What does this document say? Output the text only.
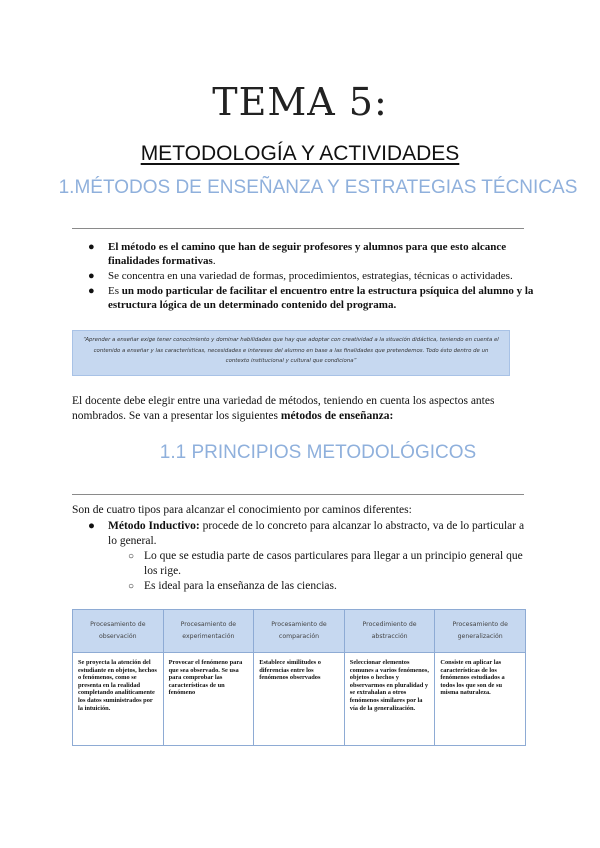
TEMA 5:
METODOLOGÍA Y ACTIVIDADES
1.MÉTODOS DE ENSEÑANZA Y ESTRATEGIAS TÉCNICAS
● El método es el camino que han de seguir profesores y alumnos para que esto alcance finalidades formativas.
● Se concentra en una variedad de formas, procedimientos, estrategias, técnicas o actividades.
● Es un modo particular de facilitar el encuentro entre la estructura psíquica del alumno y la estructura lógica de un determinado contenido del programa.
“Aprender a enseñar exige tener conocimiento y dominar habilidades que hay que adoptar con creatividad a la situación didáctica, teniendo en cuenta el contenido a enseñar y las características, necesidades e intereses del alumno en base a las finalidades que pretendemos. Todo ésto dentro de un contexto institucional y cultural que condiciona”
El docente debe elegir entre una variedad de métodos, teniendo en cuenta los aspectos antes nombrados. Se van a presentar los siguientes métodos de enseñanza:
1.1 PRINCIPIOS METODOLÓGICOS
Son de cuatro tipos para alcanzar el conocimiento por caminos diferentes:
●	Método Inductivo: procede de lo concreto para alcanzar lo abstracto, va de lo particular a lo general.
○ Lo que se estudia parte de casos particulares para llegar a un principio general que los rige.
○ Es ideal para la enseñanza de las ciencias.
Procesamiento de observación	Procesamiento de experimentación	Procesamiento de comparación	Procedimiento de abstracción	Procesamiento de generalización
Se proyecta la atención del estudiante en objetos, hechos o fenómenos, como se presenta en la realidad completando analíticamente los datos suministrados por la intuición.	Provocar el fenómeno para que sea observado. Se usa para comprobar las características de un fenómeno	Establece similitudes o diferencias entre los fenómenos observados	Seleccionar elementos comunes a varios fenómenos, objetos o hechos y observarmos en pluralidad y se extrahalan a otros fenómenos similares por la vía de la generalización.	Consiste en aplicar las características de los fenómenos estudiados a todos los que son de su misma naturaleza.
